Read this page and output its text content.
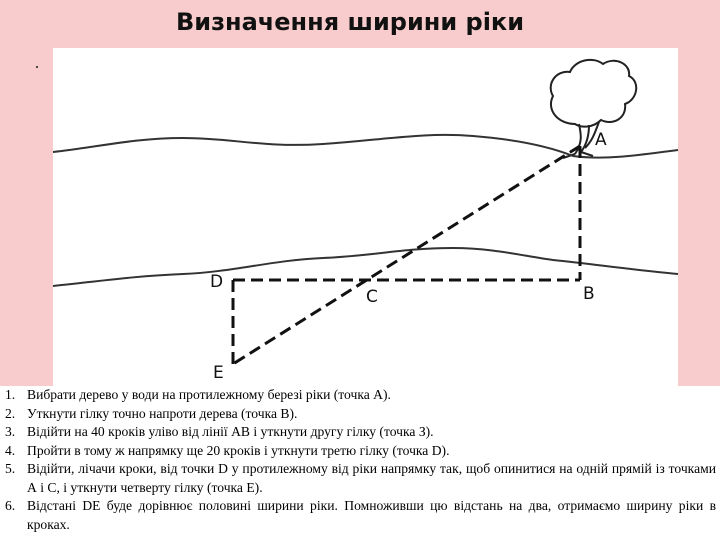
Визначення ширини ріки
A
B
C
D
E
1. Вибрати дерево у води на протилежному березі ріки (точка А).
2. Уткнути гілку точно напроти дерева (точка В).
3. Відійти на 40 кроків уліво від лінії АВ і уткнути другу гілку (точка З).
4. Пройти в тому ж напрямку ще 20 кроків і уткнути третю гілку (точка D).
5. Відійти, лічачи кроки, від точки D у протилежному від ріки напрямку так, щоб опинитися на одній прямій із точками А і С, і уткнути четверту гілку (точка Е).
6. Відстані DE буде дорівнює половині ширини ріки. Помноживши цю відстань на два, отримаємо ширину ріки в кроках.
